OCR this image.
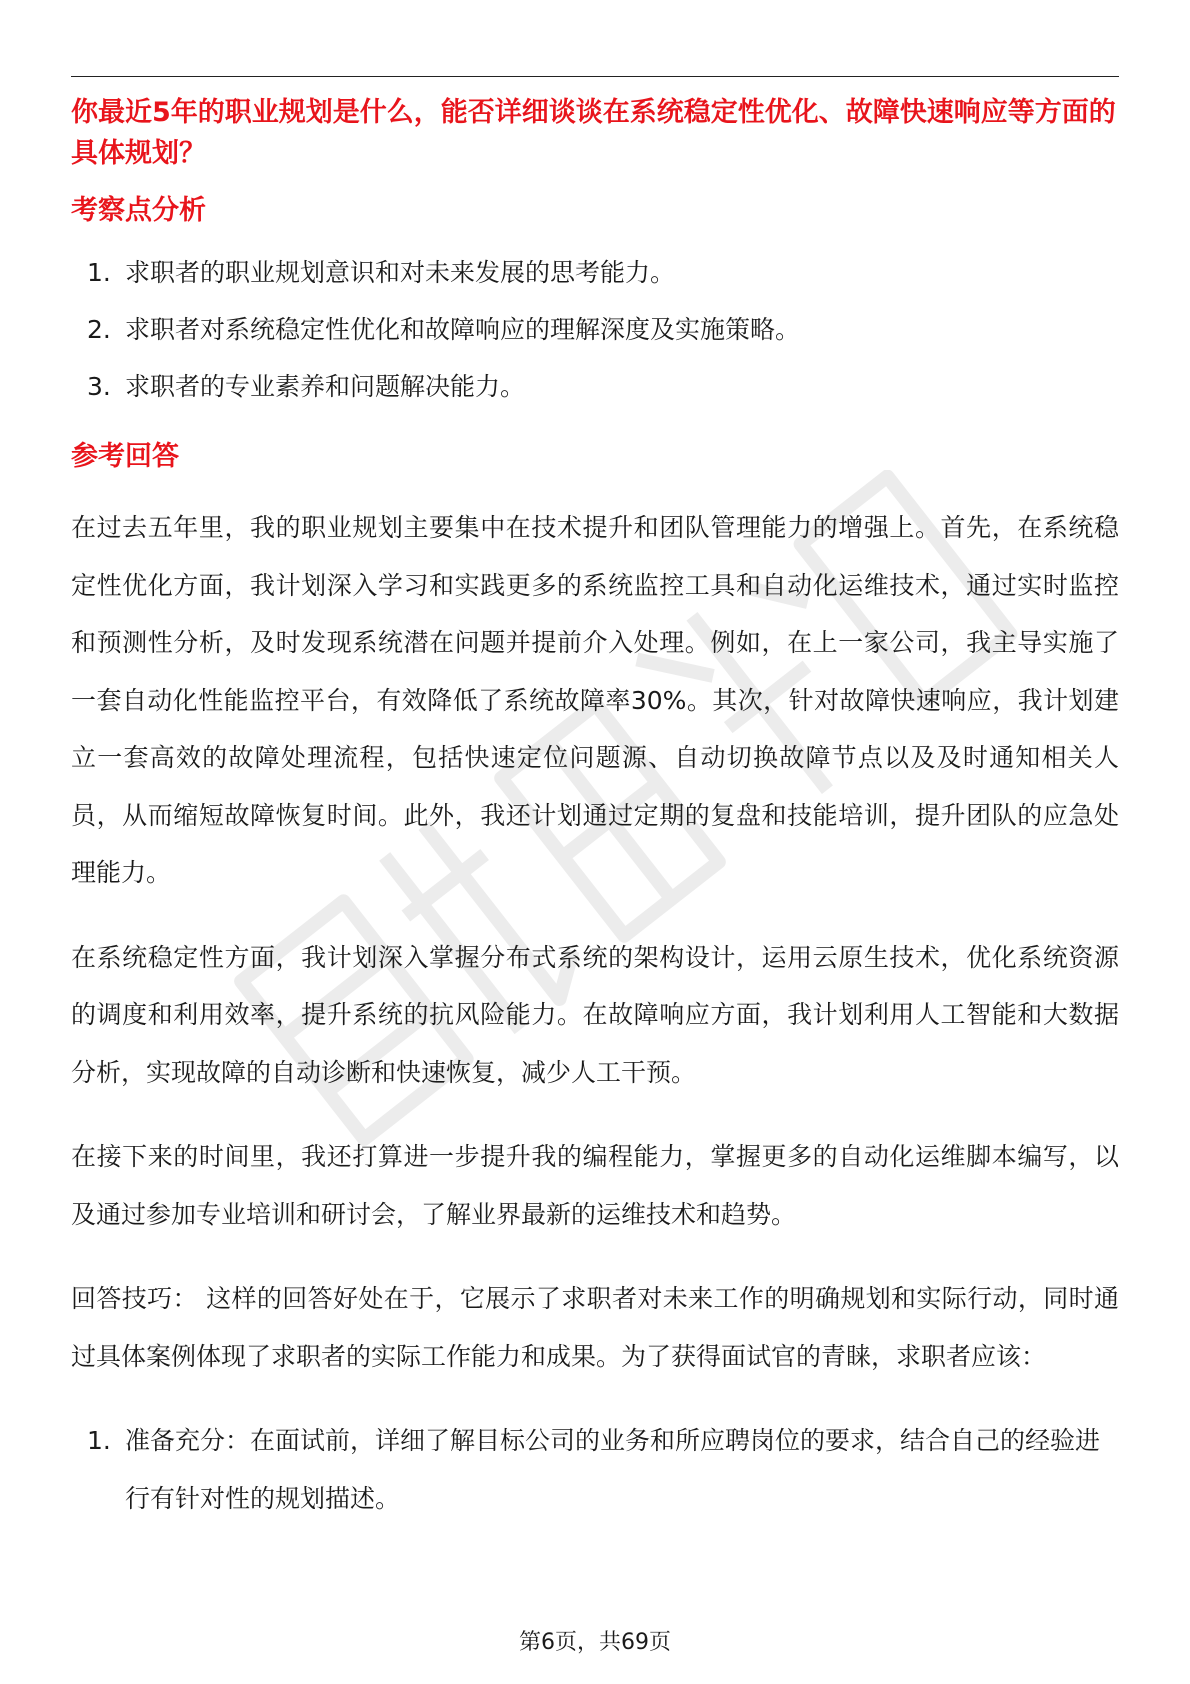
你最近5年的职业规划是什么，能否详细谈谈在系统稳定性优化、故障快速响应等方面的具体规划？
考察点分析
1. 求职者的职业规划意识和对未来发展的思考能力。
2. 求职者对系统稳定性优化和故障响应的理解深度及实施策略。
3. 求职者的专业素养和问题解决能力。
参考回答

在过去五年里，我的职业规划主要集中在技术提升和团队管理能力的增强上。首先，在系统稳定性优化方面，我计划深入学习和实践更多的系统监控工具和自动化运维技术，通过实时监控和预测性分析，及时发现系统潜在问题并提前介入处理。例如，在上一家公司，我主导实施了一套自动化性能监控平台，有效降低了系统故障率30%。其次，针对故障快速响应，我计划建立一套高效的故障处理流程，包括快速定位问题源、自动切换故障节点以及及时通知相关人员，从而缩短故障恢复时间。此外，我还计划通过定期的复盘和技能培训，提升团队的应急处理能力。

在系统稳定性方面，我计划深入掌握分布式系统的架构设计，运用云原生技术，优化系统资源的调度和利用效率，提升系统的抗风险能力。在故障响应方面，我计划利用人工智能和大数据分析，实现故障的自动诊断和快速恢复，减少人工干预。

在接下来的时间里，我还打算进一步提升我的编程能力，掌握更多的自动化运维脚本编写，以及通过参加专业培训和研讨会，了解业界最新的运维技术和趋势。

回答技巧： 这样的回答好处在于，它展示了求职者对未来工作的明确规划和实际行动，同时通过具体案例体现了求职者的实际工作能力和成果。为了获得面试官的青睐，求职者应该：

1. 准备充分：在面试前，详细了解目标公司的业务和所应聘岗位的要求，结合自己的经验进行有针对性的规划描述。
第6页，共69页
